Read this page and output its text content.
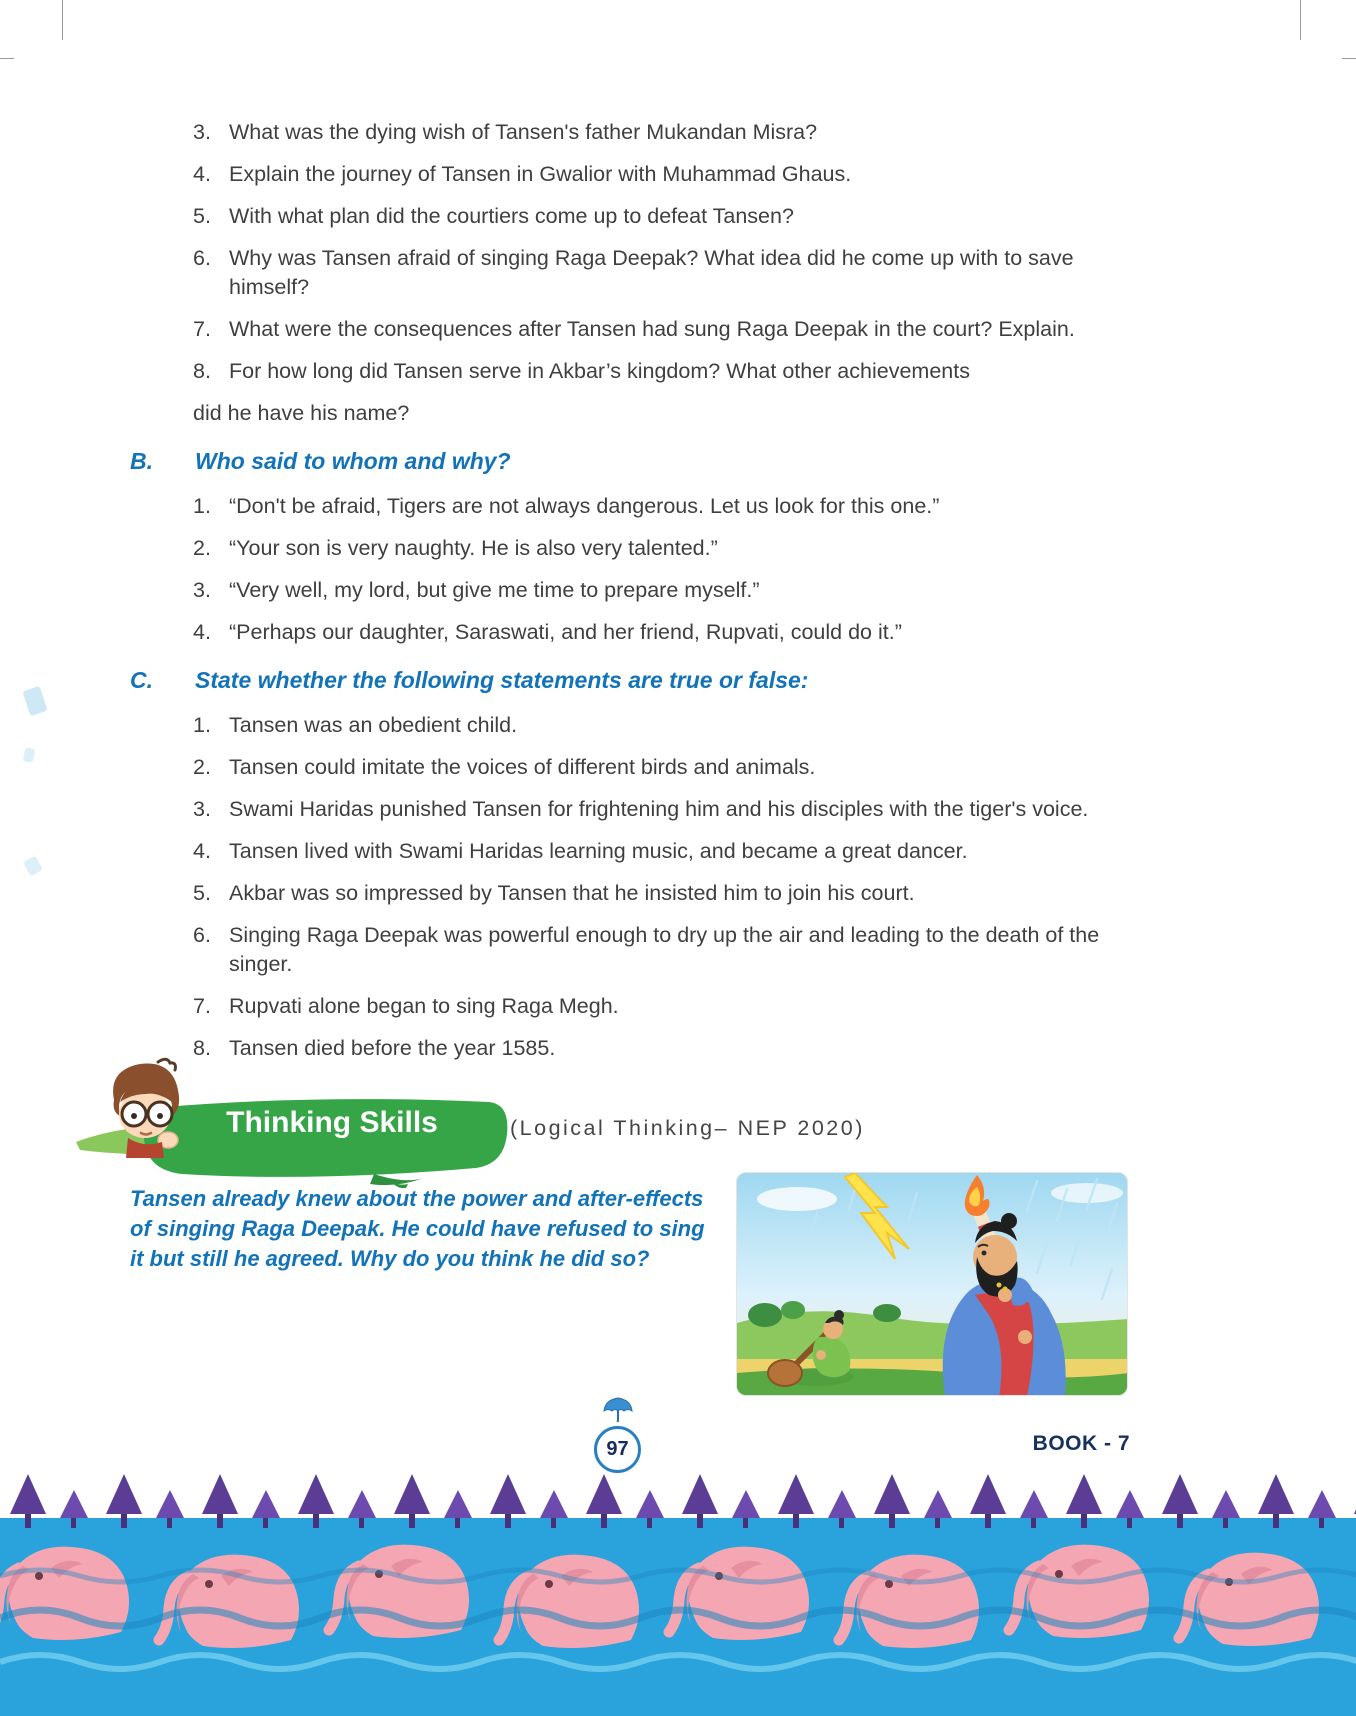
3. What was the dying wish of Tansen's father Mukandan Misra?
4. Explain the journey of Tansen in Gwalior with Muhammad Ghaus.
5. With what plan did the courtiers come up to defeat Tansen?
6. Why was Tansen afraid of singing Raga Deepak? What idea did he come up with to save himself?
7. What were the consequences after Tansen had sung Raga Deepak in the court? Explain.
8. For how long did Tansen serve in Akbar’s kingdom? What other achievements
did he have his name?
B.	Who said to whom and why?
1. “Don't be afraid, Tigers are not always dangerous. Let us look for this one.”
2. “Your son is very naughty. He is also very talented.”
3. “Very well, my lord, but give me time to prepare myself.”
4. “Perhaps our daughter, Saraswati, and her friend, Rupvati, could do it.”
C.	State whether the following statements are true or false:
1. Tansen was an obedient child.
2. Tansen could imitate the voices of different birds and animals.
3. Swami Haridas punished Tansen for frightening him and his disciples with the tiger's voice.
4. Tansen lived with Swami Haridas learning music, and became a great dancer.
5. Akbar was so impressed by Tansen that he insisted him to join his court.
6. Singing Raga Deepak was powerful enough to dry up the air and leading to the death of the singer.
7. Rupvati alone began to sing Raga Megh.
8. Tansen died before the year 1585.
Thinking Skills	(Logical Thinking– NEP 2020)
Tansen already knew about the power and after-effects of singing Raga Deepak. He could have refused to sing it but still he agreed. Why do you think he did so?
97	BOOK - 7
